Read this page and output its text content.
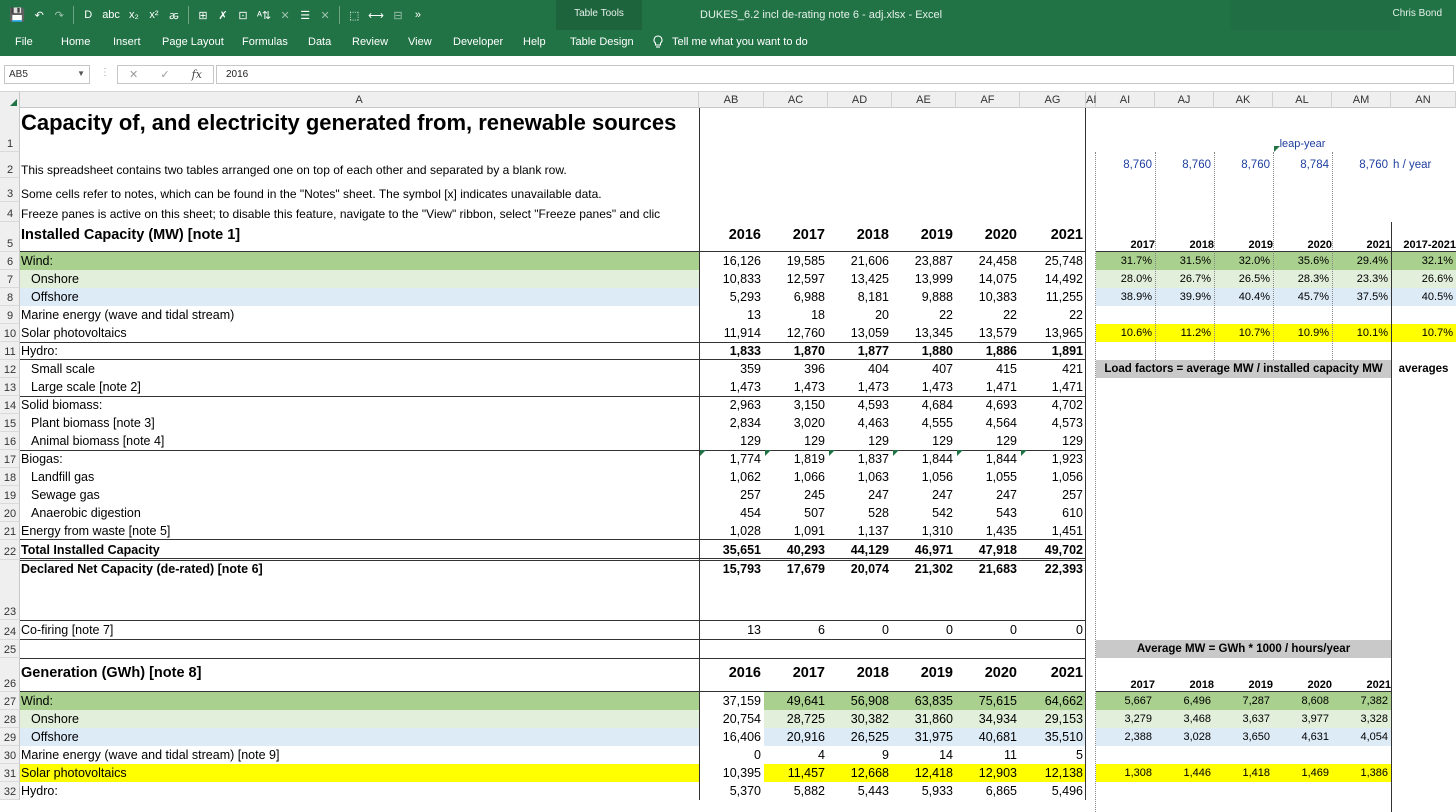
💾 ↶ ↷	D abc x₂ x² ꬱ	⊞ ✗ ⊡ ᴬ⇅ ✕ ☰ ✕	⬚ ⟷ ⊟	»	DUKES_6.2 incl de-rating note 6 - adj.xlsx - Excel	Chris Bond
Table Tools
File	Home Insert Page Layout Formulas Data Review View Developer Help Table Design	Tell me what you want to do
AB5	▼ ⋮ ✕ ✓ fx	2016
A	AB	AC	AD	AE	AF	AG	AI	AI	AJ	AK	AL	AM	AN
1
Capacity of, and electricity generated from, renewable sources
leap-year
2 This spreadsheet contains two tables arranged one on top of each other and separated by a blank row.	8,760	8,760	8,760	8,784	8,760 h / year
3 Some cells refer to notes, which can be found in the "Notes" sheet. The symbol [x] indicates unavailable data.
4 Freeze panes is active on this sheet; to disable this feature, navigate to the "View" ribbon, select "Freeze panes" and clic
5
Installed Capacity (MW) [note 1]	2016	2017	2018	2019	2020	2021
2017	2018	2019	2020	2021	2017-2021
6 Wind:	16,126	19,585	21,606	23,887	24,458	25,748	31.7%	31.5%	32.0%	35.6%	29.4%	32.1%
7	Onshore	10,833	12,597	13,425	13,999	14,075	14,492	28.0%	26.7%	26.5%	28.3%	23.3%	26.6%
8	Offshore	5,293	6,988	8,181	9,888	10,383	11,255	38.9%	39.9%	40.4%	45.7%	37.5%	40.5%
9 Marine energy (wave and tidal stream)	13	18	20	22	22	22
10 Solar photovoltaics	11,914	12,760	13,059	13,345	13,579	13,965	10.6%	11.2%	10.7%	10.9%	10.1%	10.7%
11 Hydro:	1,833	1,870	1,877	1,880	1,886	1,891
12	Small scale	359	396	404	407	415	421	Load factors = average MW / installed capacity MW	averages
13	Large scale [note 2]	1,473	1,473	1,473	1,473	1,471	1,471
14 Solid biomass:	2,963	3,150	4,593	4,684	4,693	4,702
15	Plant biomass [note 3]	2,834	3,020	4,463	4,555	4,564	4,573
16	Animal biomass [note 4]	129	129	129	129	129	129
17 Biogas:	1,774	1,819	1,837	1,844	1,844	1,923
18	Landfill gas	1,062	1,066	1,063	1,056	1,055	1,056
19	Sewage gas	257	245	247	247	247	257
20	Anaerobic digestion	454	507	528	542	543	610
21 Energy from waste [note 5]	1,028	1,091	1,137	1,310	1,435	1,451
22 Total Installed Capacity	35,651	40,293	44,129	46,971	47,918	49,702
23
Declared Net Capacity (de-rated) [note 6]	15,793	17,679	20,074	21,302	21,683	22,393
24 Co-firing [note 7]	13	6	0	0	0	0
25	Average MW = GWh * 1000 / hours/year
26
Generation (GWh) [note 8]	2016	2017	2018	2019	2020	2021
2017	2018	2019	2020	2021
27 Wind:	37,159	49,641	56,908	63,835	75,615	64,662	5,667	6,496	7,287	8,608	7,382
28	Onshore	20,754	28,725	30,382	31,860	34,934	29,153	3,279	3,468	3,637	3,977	3,328
29	Offshore	16,406	20,916	26,525	31,975	40,681	35,510	2,388	3,028	3,650	4,631	4,054
30 Marine energy (wave and tidal stream) [note 9]	0	4	9	14	11	5
31 Solar photovoltaics	10,395	11,457	12,668	12,418	12,903	12,138	1,308	1,446	1,418	1,469	1,386
32 Hydro:	5,370	5,882	5,443	5,933	6,865	5,496
